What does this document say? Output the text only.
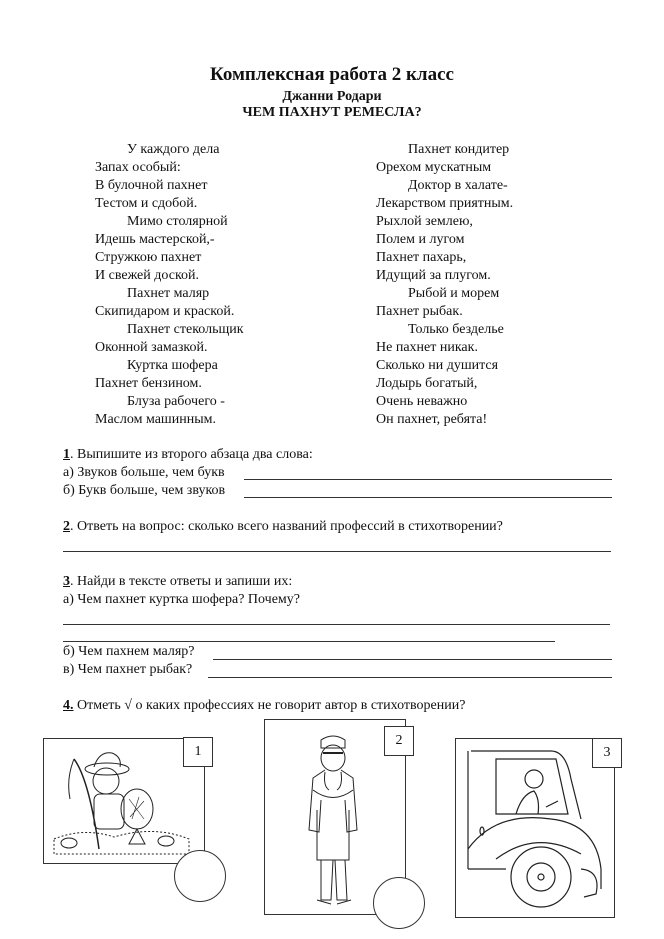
Комплексная работа 2 класс
Джанни Родари
ЧЕМ ПАХНУТ РЕМЕСЛА?
У каждого дела
Запах особый:
В булочной пахнет
Тестом и сдобой.
Мимо столярной
Идешь мастерской,-
Стружкою пахнет
И свежей доской.
Пахнет маляр
Скипидаром и краской.
Пахнет стекольщик
Оконной замазкой.
Куртка шофера
Пахнет бензином.
Блуза рабочего -
Маслом машинным.
Пахнет кондитер
Орехом мускатным
Доктор в халате-
Лекарством приятным.
Рыхлой землею,
Полем и лугом
Пахнет пахарь,
Идущий за плугом.
Рыбой и морем
Пахнет рыбак.
Только безделье
Не пахнет никак.
Сколько ни душится
Лодырь богатый,
Очень неважно
Он пахнет, ребята!
1. Выпишите из второго абзаца два слова:
а) Звуков больше, чем букв
б) Букв больше, чем звуков
2. Ответь на вопрос: сколько всего названий профессий в стихотворении?
3. Найди в тексте ответы и запиши их:
а) Чем пахнет куртка шофера? Почему?
б) Чем пахнем маляр?
в) Чем пахнет рыбак?
4. Отметь √ о каких профессиях не говорит автор в стихотворении?
1
2
3
